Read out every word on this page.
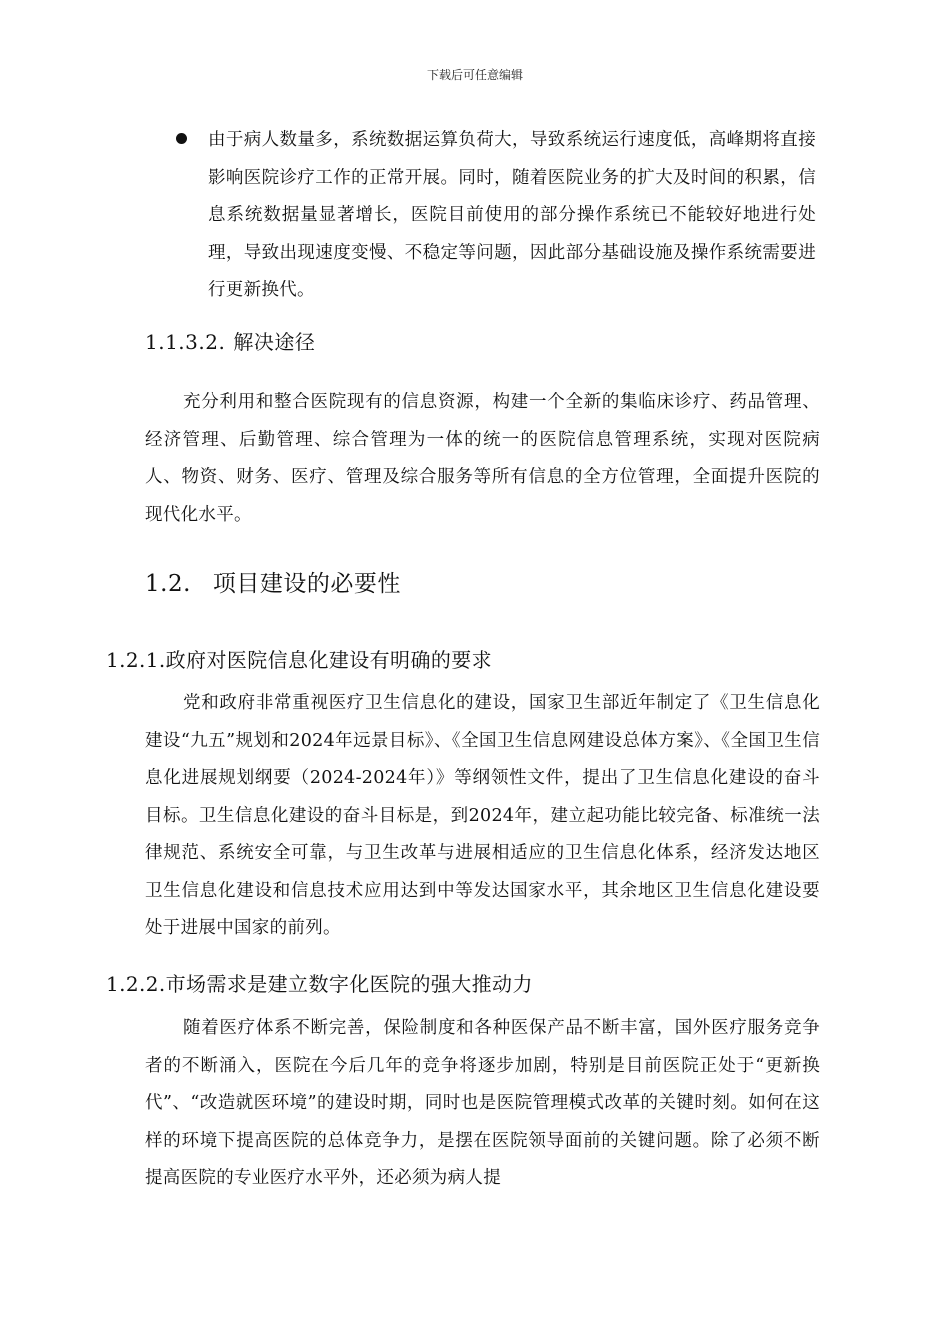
下载后可任意编辑
由于病人数量多，系统数据运算负荷大，导致系统运行速度低，高峰期将直接影响医院诊疗工作的正常开展。同时，随着医院业务的扩大及时间的积累，信息系统数据量显著增长，医院目前使用的部分操作系统已不能较好地进行处理，导致出现速度变慢、不稳定等问题，因此部分基础设施及操作系统需要进行更新换代。
1.1.3.2. 解决途径

充分利用和整合医院现有的信息资源，构建一个全新的集临床诊疗、药品管理、经济管理、后勤管理、综合管理为一体的统一的医院信息管理系统，实现对医院病人、物资、财务、医疗、管理及综合服务等所有信息的全方位管理，全面提升医院的现代化水平。

1.2. 项目建设的必要性
1.2.1.政府对医院信息化建设有明确的要求

党和政府非常重视医疗卫生信息化的建设，国家卫生部近年制定了《卫生信息化建设“九五”规划和2024年远景目标》、《全国卫生信息网建设总体方案》、《全国卫生信息化进展规划纲要（2024-2024年）》等纲领性文件，提出了卫生信息化建设的奋斗目标。卫生信息化建设的奋斗目标是，到2024年，建立起功能比较完备、标准统一法律规范、系统安全可靠，与卫生改革与进展相适应的卫生信息化体系，经济发达地区卫生信息化建设和信息技术应用达到中等发达国家水平，其余地区卫生信息化建设要处于进展中国家的前列。

1.2.2.市场需求是建立数字化医院的强大推动力

随着医疗体系不断完善，保险制度和各种医保产品不断丰富，国外医疗服务竞争者的不断涌入，医院在今后几年的竞争将逐步加剧，特别是目前医院正处于“更新换代”、“改造就医环境”的建设时期，同时也是医院管理模式改革的关键时刻。如何在这样的环境下提高医院的总体竞争力，是摆在医院领导面前的关键问题。除了必须不断提高医院的专业医疗水平外，还必须为病人提
